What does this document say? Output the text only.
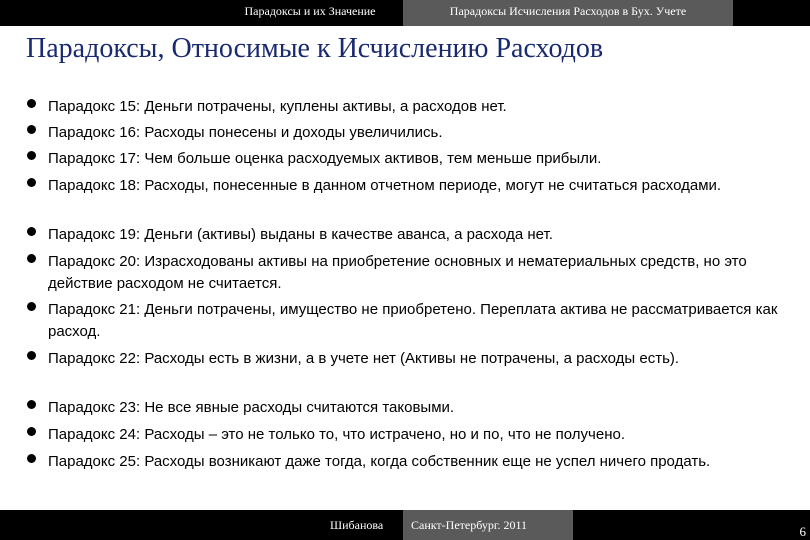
Парадоксы и их Значение	Парадоксы Исчисления Расходов в Бух. Учете
Парадоксы, Относимые к Исчислению Расходов
Парадокс 15: Деньги потрачены, куплены активы, а расходов нет.
Парадокс 16: Расходы понесены и доходы увеличились.
Парадокс 17: Чем больше оценка расходуемых активов, тем меньше прибыли.
Парадокс 18: Расходы, понесенные в данном отчетном периоде, могут не считаться расходами.
Парадокс 19: Деньги (активы) выданы в качестве аванса, а расхода нет.
Парадокс 20: Израсходованы активы на приобретение основных и нематериальных средств, но это действие расходом не считается.
Парадокс 21: Деньги потрачены, имущество не приобретено. Переплата актива не рассматривается как расход.
Парадокс 22: Расходы есть в жизни, а в учете нет (Активы не потрачены, а расходы есть).
Парадокс 23: Не все явные расходы считаются таковыми.
Парадокс 24: Расходы – это не только то, что истрачено, но и по, что не получено.
Парадокс 25: Расходы возникают даже тогда, когда собственник еще не успел ничего продать.
Шибанова	Санкт-Петербург. 2011	6
